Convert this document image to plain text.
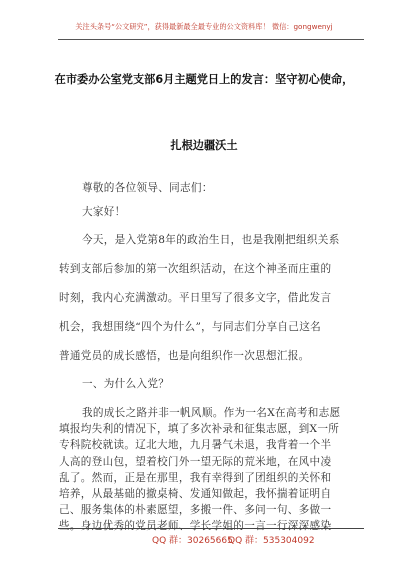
关注头条号“公文研究”，获得最新最全最专业的公文资料库！ 微信：gongwenyj
在市委办公室党支部6月主题党日上的发言：坚守初心使命，
扎根边疆沃土
尊敬的各位领导、同志们：
大家好！
今天，是入党第8年的政治生日，也是我刚把组织关系
转到支部后参加的第一次组织活动，在这个神圣而庄重的
时刻，我内心充满激动。平日里写了很多文字，借此发言
机会，我想围绕“四个为什么”，与同志们分享自己这名
普通党员的成长感悟，也是向组织作一次思想汇报。
一、为什么入党？
我的成长之路并非一帆风顺。作为一名X在高考和志愿
填报均失利的情况下，填了多次补录和征集志愿，到X一所
专科院校就读。辽北大地，九月暑气未退，我背着一个半
人高的登山包，望着校门外一望无际的荒米地，在风中凌
乱了。然而，正是在那里，我有幸得到了团组织的关怀和
培养，从最基础的撤桌椅、发通知做起，我怀揣着证明自
己、服务集体的朴素愿望，多搬一件、多问一句、多做一
些。身边优秀的党员老师、学长学姐的一言一行深深感染
QQ 群：30265665
QQ 群：535304092
